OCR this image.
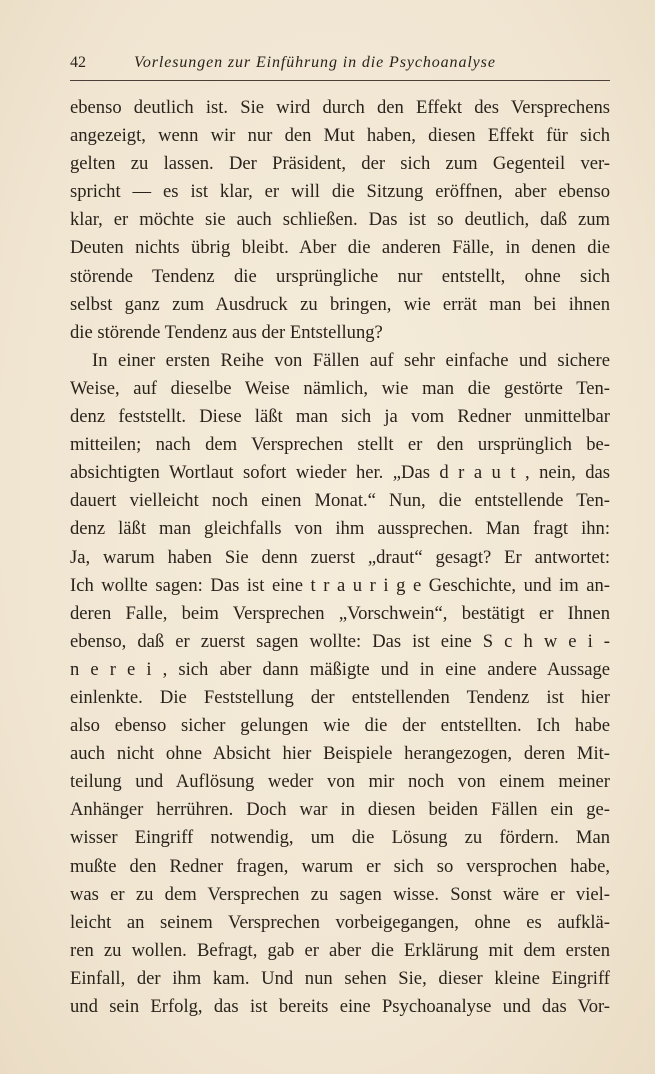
42	Vorlesungen zur Einführung in die Psychoanalyse
ebenso deutlich ist. Sie wird durch den Effekt des Versprechens
angezeigt, wenn wir nur den Mut haben, diesen Effekt für sich
gelten zu lassen. Der Präsident, der sich zum Gegenteil ver-
spricht — es ist klar, er will die Sitzung eröffnen, aber ebenso
klar, er möchte sie auch schließen. Das ist so deutlich, daß zum
Deuten nichts übrig bleibt. Aber die anderen Fälle, in denen die
störende Tendenz die ursprüngliche nur entstellt, ohne sich
selbst ganz zum Ausdruck zu bringen, wie errät man bei ihnen
die störende Tendenz aus der Entstellung?
In einer ersten Reihe von Fällen auf sehr einfache und sichere
Weise, auf dieselbe Weise nämlich, wie man die gestörte Ten-
denz feststellt. Diese läßt man sich ja vom Redner unmittelbar
mitteilen; nach dem Versprechen stellt er den ursprünglich be-
absichtigten Wortlaut sofort wieder her. „Das d r a u t , nein, das
dauert vielleicht noch einen Monat.“ Nun, die entstellende Ten-
denz läßt man gleichfalls von ihm aussprechen. Man fragt ihn:
Ja, warum haben Sie denn zuerst „draut“ gesagt? Er antwortet:
Ich wollte sagen: Das ist eine t r a u r i g e Geschichte, und im an-
deren Falle, beim Versprechen „Vorschwein“, bestätigt er Ihnen
ebenso, daß er zuerst sagen wollte: Das ist eine S c h w e i -
n e r e i , sich aber dann mäßigte und in eine andere Aussage
einlenkte. Die Feststellung der entstellenden Tendenz ist hier
also ebenso sicher gelungen wie die der entstellten. Ich habe
auch nicht ohne Absicht hier Beispiele herangezogen, deren Mit-
teilung und Auflösung weder von mir noch von einem meiner
Anhänger herrühren. Doch war in diesen beiden Fällen ein ge-
wisser Eingriff notwendig, um die Lösung zu fördern. Man
mußte den Redner fragen, warum er sich so versprochen habe,
was er zu dem Versprechen zu sagen wisse. Sonst wäre er viel-
leicht an seinem Versprechen vorbeigegangen, ohne es aufklä-
ren zu wollen. Befragt, gab er aber die Erklärung mit dem ersten
Einfall, der ihm kam. Und nun sehen Sie, dieser kleine Eingriff
und sein Erfolg, das ist bereits eine Psychoanalyse und das Vor-
